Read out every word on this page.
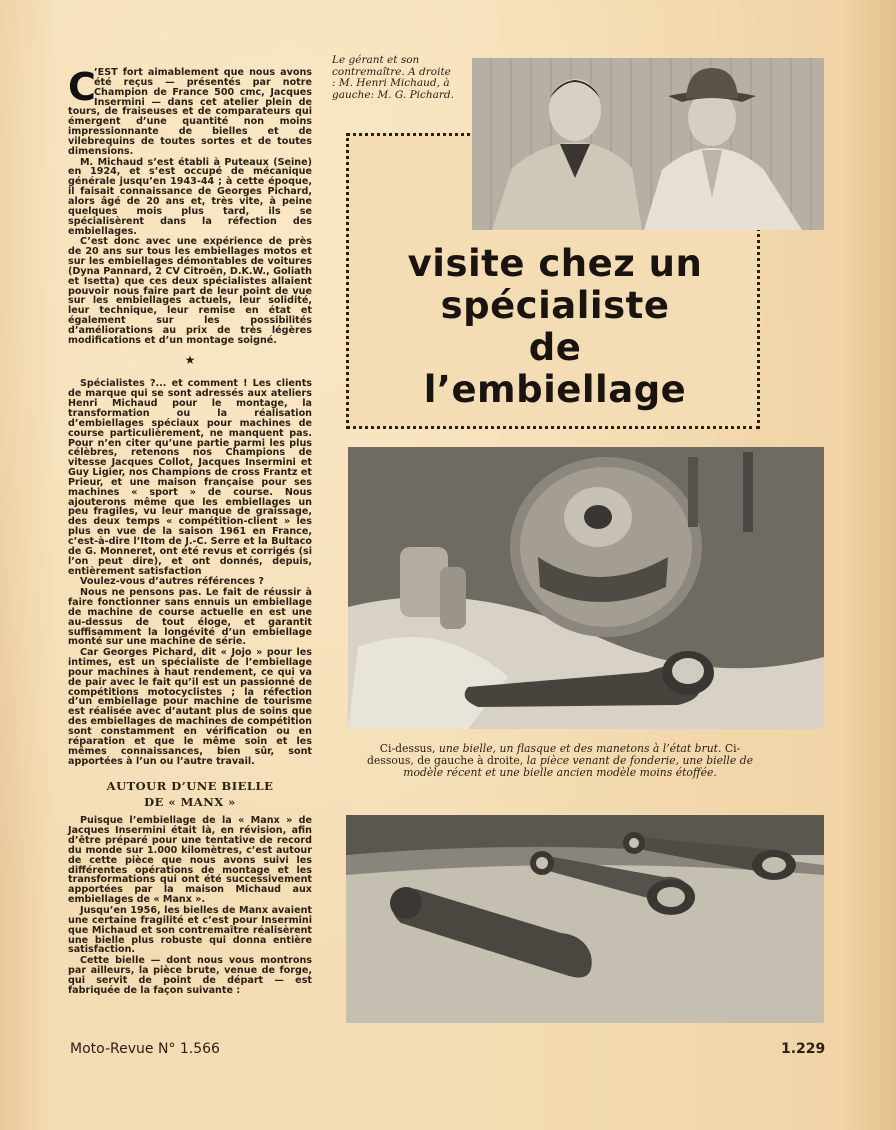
C
’EST fort aimablement que nous avons été reçus — présentés par notre Champion de France 500 cmc, Jacques Insermini — dans cet atelier plein de tours, de fraiseuses et de comparateurs qui émergent d’une quantité non moins impressionnante de bielles et de vilebrequins de toutes sortes et de toutes dimensions.

M. Michaud s’est établi à Puteaux (Seine) en 1924, et s’est occupé de mécanique générale jusqu’en 1943-44 ; à cette époque, il faisait connaissance de Georges Pichard, alors âgé de 20 ans et, très vite, à peine quelques mois plus tard, ils se spécialisèrent dans la réfection des embiellages.

C’est donc avec une expérience de près de 20 ans sur tous les embiellages motos et sur les embiellages démontables de voitures (Dyna Pannard, 2 CV Citroën, D.K.W., Goliath et Isetta) que ces deux spécialistes allaient pouvoir nous faire part de leur point de vue sur les embiellages actuels, leur solidité, leur technique, leur remise en état et également sur les possibilités d’améliorations au prix de très légères modifications et d’un montage soigné.

★

Spécialistes ?... et comment ! Les clients de marque qui se sont adressés aux ateliers Henri Michaud pour le montage, la transformation ou la réalisation d’embiellages spéciaux pour machines de course particulièrement, ne manquent pas. Pour n’en citer qu’une partie parmi les plus célèbres, retenons nos Champions de vitesse Jacques Collot, Jacques Insermini et Guy Ligier, nos Champions de cross Frantz et Prieur, et une maison française pour ses machines « sport » de course. Nous ajouterons même que les embiellages un peu fragiles, vu leur manque de graissage, des deux temps « compétition-client » les plus en vue de la saison 1961 en France, c’est-à-dire l’Itom de J.-C. Serre et la Bultaco de G. Monneret, ont été revus et corrigés (si l’on peut dire), et ont donnés, depuis, entièrement satisfaction

Voulez-vous d’autres références ?

Nous ne pensons pas. Le fait de réussir à faire fonctionner sans ennuis un embiellage de machine de course actuelle en est une au-dessus de tout éloge, et garantit suffisamment la longévité d’un embiellage monté sur une machine de série.

Car Georges Pichard, dit « Jojo » pour les intimes, est un spécialiste de l’embiellage pour machines à haut rendement, ce qui va de pair avec le fait qu’il est un passionné de compétitions motocyclistes ; la réfection d’un embiellage pour machine de tourisme est réalisée avec d’autant plus de soins que des embiellages de machines de compétition sont constamment en vérification ou en réparation et que le même soin et les mêmes connaissances, bien sûr, sont apportées à l’un ou l’autre travail.

AUTOUR D’UNE BIELLE
DE « MANX »

Puisque l’embiellage de la « Manx » de Jacques Insermini était là, en révision, afin d’être préparé pour une tentative de record du monde sur 1.000 kilomètres, c’est autour de cette pièce que nous avons suivi les différentes opérations de montage et les transformations qui ont été successivement apportées par la maison Michaud aux embiellages de « Manx ».

Jusqu’en 1956, les bielles de Manx avaient une certaine fragilité et c’est pour Insermini que Michaud et son contremaître réalisèrent une bielle plus robuste qui donna entière satisfaction.

Cette bielle — dont nous vous montrons par ailleurs, la pièce brute, venue de forge, qui servit de point de départ — est fabriquée de la façon suivante :

Le gérant et son contremaître. A droite : M. Henri Michaud, à gauche: M. G. Pichard.
visite chez un
spécialiste
de
l’embiellage
Ci-dessus, une bielle, un flasque et des manetons à l’état brut. Ci-dessous, de gauche à droite, la pièce venant de fonderie, une bielle de modèle récent et une bielle ancien modèle moins étoffée.
Moto-Revue N° 1.566	1.229
